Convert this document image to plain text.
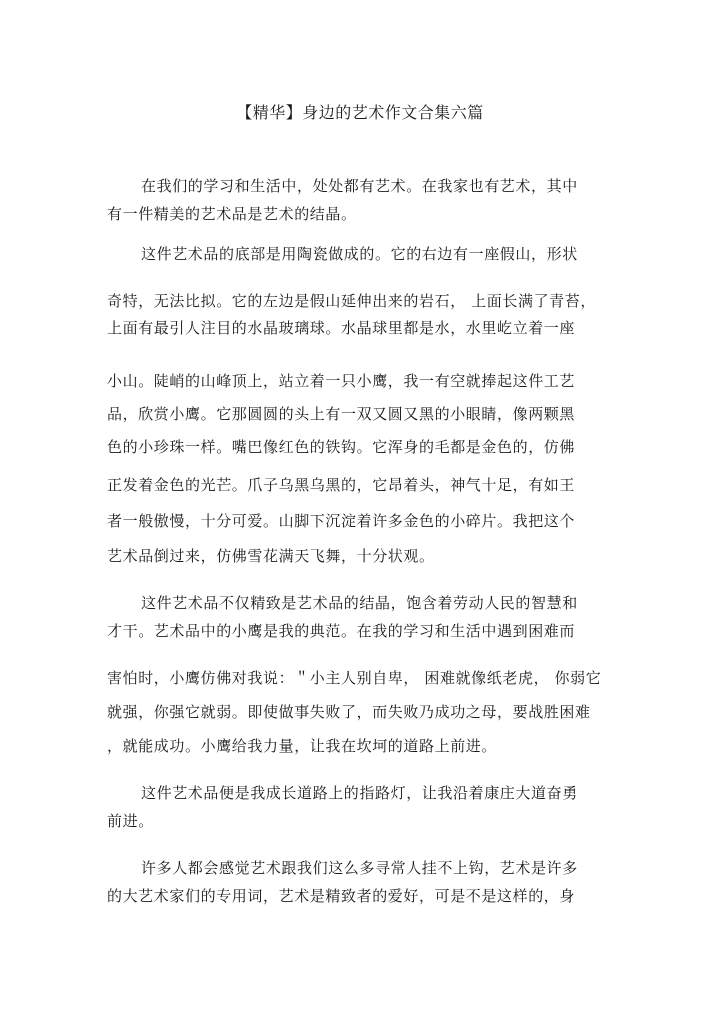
【精华】身边的艺术作文合集六篇
在我们的学习和生活中，处处都有艺术。在我家也有艺术，其中
有一件精美的艺术品是艺术的结晶。
这件艺术品的底部是用陶瓷做成的。它的右边有一座假山，形状
奇特，无法比拟。它的左边是假山延伸出来的岩石， 上面长满了青苔，
上面有最引人注目的水晶玻璃球。水晶球里都是水，水里屹立着一座
小山。陡峭的山峰顶上，站立着一只小鹰，我一有空就捧起这件工艺
品，欣赏小鹰。它那圆圆的头上有一双又圆又黑的小眼睛，像两颗黑
色的小珍珠一样。嘴巴像红色的铁钩。它浑身的毛都是金色的，仿佛
正发着金色的光芒。爪子乌黑乌黑的，它昂着头，神气十足，有如王
者一般傲慢，十分可爱。山脚下沉淀着许多金色的小碎片。我把这个
艺术品倒过来，仿佛雪花满天飞舞，十分状观。
这件艺术品不仅精致是艺术品的结晶，饱含着劳动人民的智慧和
才干。艺术品中的小鹰是我的典范。在我的学习和生活中遇到困难而
害怕时，小鹰仿佛对我说：＂小主人别自卑， 困难就像纸老虎， 你弱它
就强，你强它就弱。即使做事失败了，而失败乃成功之母，要战胜困难
，就能成功。小鹰给我力量，让我在坎坷的道路上前进。
这件艺术品便是我成长道路上的指路灯，让我沿着康庄大道奋勇
前进。
许多人都会感觉艺术跟我们这么多寻常人挂不上钩，艺术是许多
的大艺术家们的专用词，艺术是精致者的爱好，可是不是这样的，身
